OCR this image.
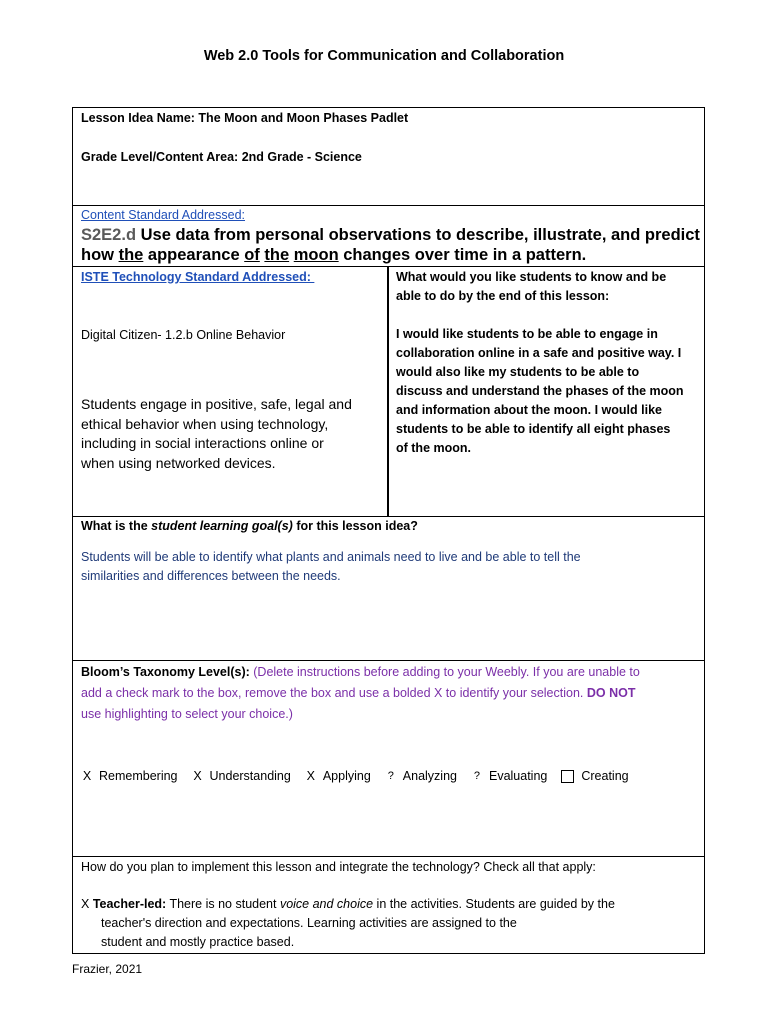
Web 2.0 Tools for Communication and Collaboration

Lesson Idea Name: The Moon and Moon Phases Padlet

Grade Level/Content Area: 2nd Grade - Science

Content Standard Addressed:

S2E2.d Use data from personal observations to describe, illustrate, and predict

how the appearance of the moon changes over time in a pattern.

ISTE Technology Standard Addressed:

Digital Citizen- 1.2.b Online Behavior

Students engage in positive, safe, legal and
ethical behavior when using technology,
including in social interactions online or
when using networked devices.
What would you like students to know and be
able to do by the end of this lesson:
I would like students to be able to engage in
collaboration online in a safe and positive way. I
would also like my students to be able to
discuss and understand the phases of the moon
and information about the moon. I would like
students to be able to identify all eight phases
of the moon.

What is the student learning goal(s) for this lesson idea?

Students will be able to identify what plants and animals need to live and be able to tell the
similarities and differences between the needs.
Bloom’s Taxonomy Level(s): (Delete instructions before adding to your Weebly. If you are unable to
add a check mark to the box, remove the box and use a bolded X to identify your selection. DO NOT
use highlighting to select your choice.)
X Remembering X Understanding X Applying ? Analyzing ? Evaluating	Creating

How do you plan to implement this lesson and integrate the technology? Check all that apply:

X Teacher-led: There is no student voice and choice in the activities. Students are guided by the
teacher's direction and expectations. Learning activities are assigned to the
student and mostly practice based.
Frazier, 2021
